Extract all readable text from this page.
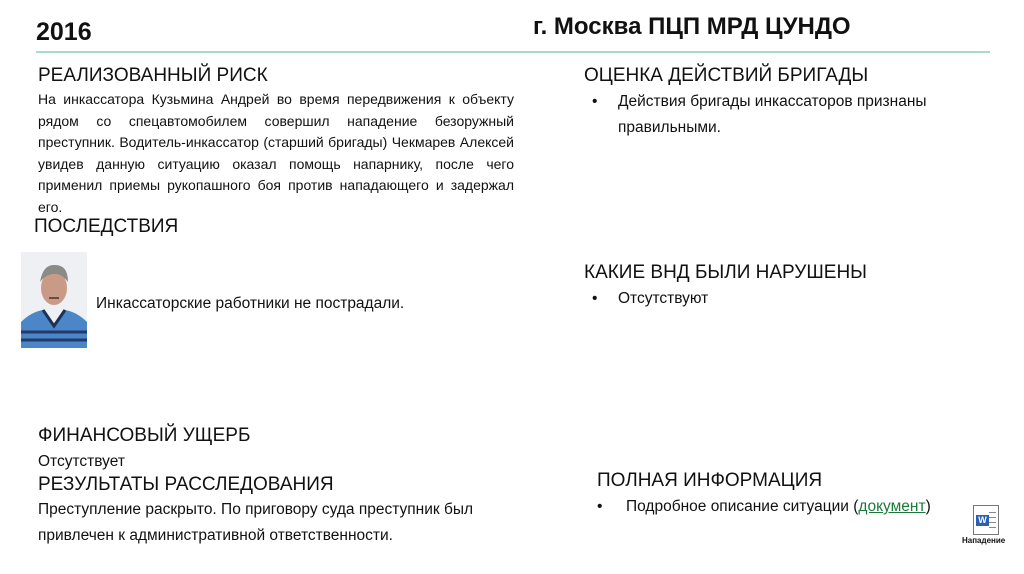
2016	г. Москва ПЦП МРД ЦУНДО
РЕАЛИЗОВАННЫЙ РИСК
На инкассатора Кузьмина Андрей во время передвижения к объекту рядом со спецавтомобилем совершил нападение безоружный преступник. Водитель-инкассатор (старший бригады) Чекмарев Алексей увидев данную ситуацию оказал помощь напарнику, после чего применил приемы рукопашного боя против нападающего и задержал его.
ОЦЕНКА ДЕЙСТВИЙ БРИГАДЫ
•	Действия бригады инкассаторов признаны правильными.
ПОСЛЕДСТВИЯ
Инкассаторские работники не пострадали.
КАКИЕ ВНД БЫЛИ НАРУШЕНЫ
•	Отсутствуют
ФИНАНСОВЫЙ УЩЕРБ
Отсутствует
РЕЗУЛЬТАТЫ РАССЛЕДОВАНИЯ
Преступление раскрыто. По приговору суда преступник был привлечен к административной ответственности.
ПОЛНАЯ ИНФОРМАЦИЯ
•	Подробное описание ситуации (документ)
W
Нападение
